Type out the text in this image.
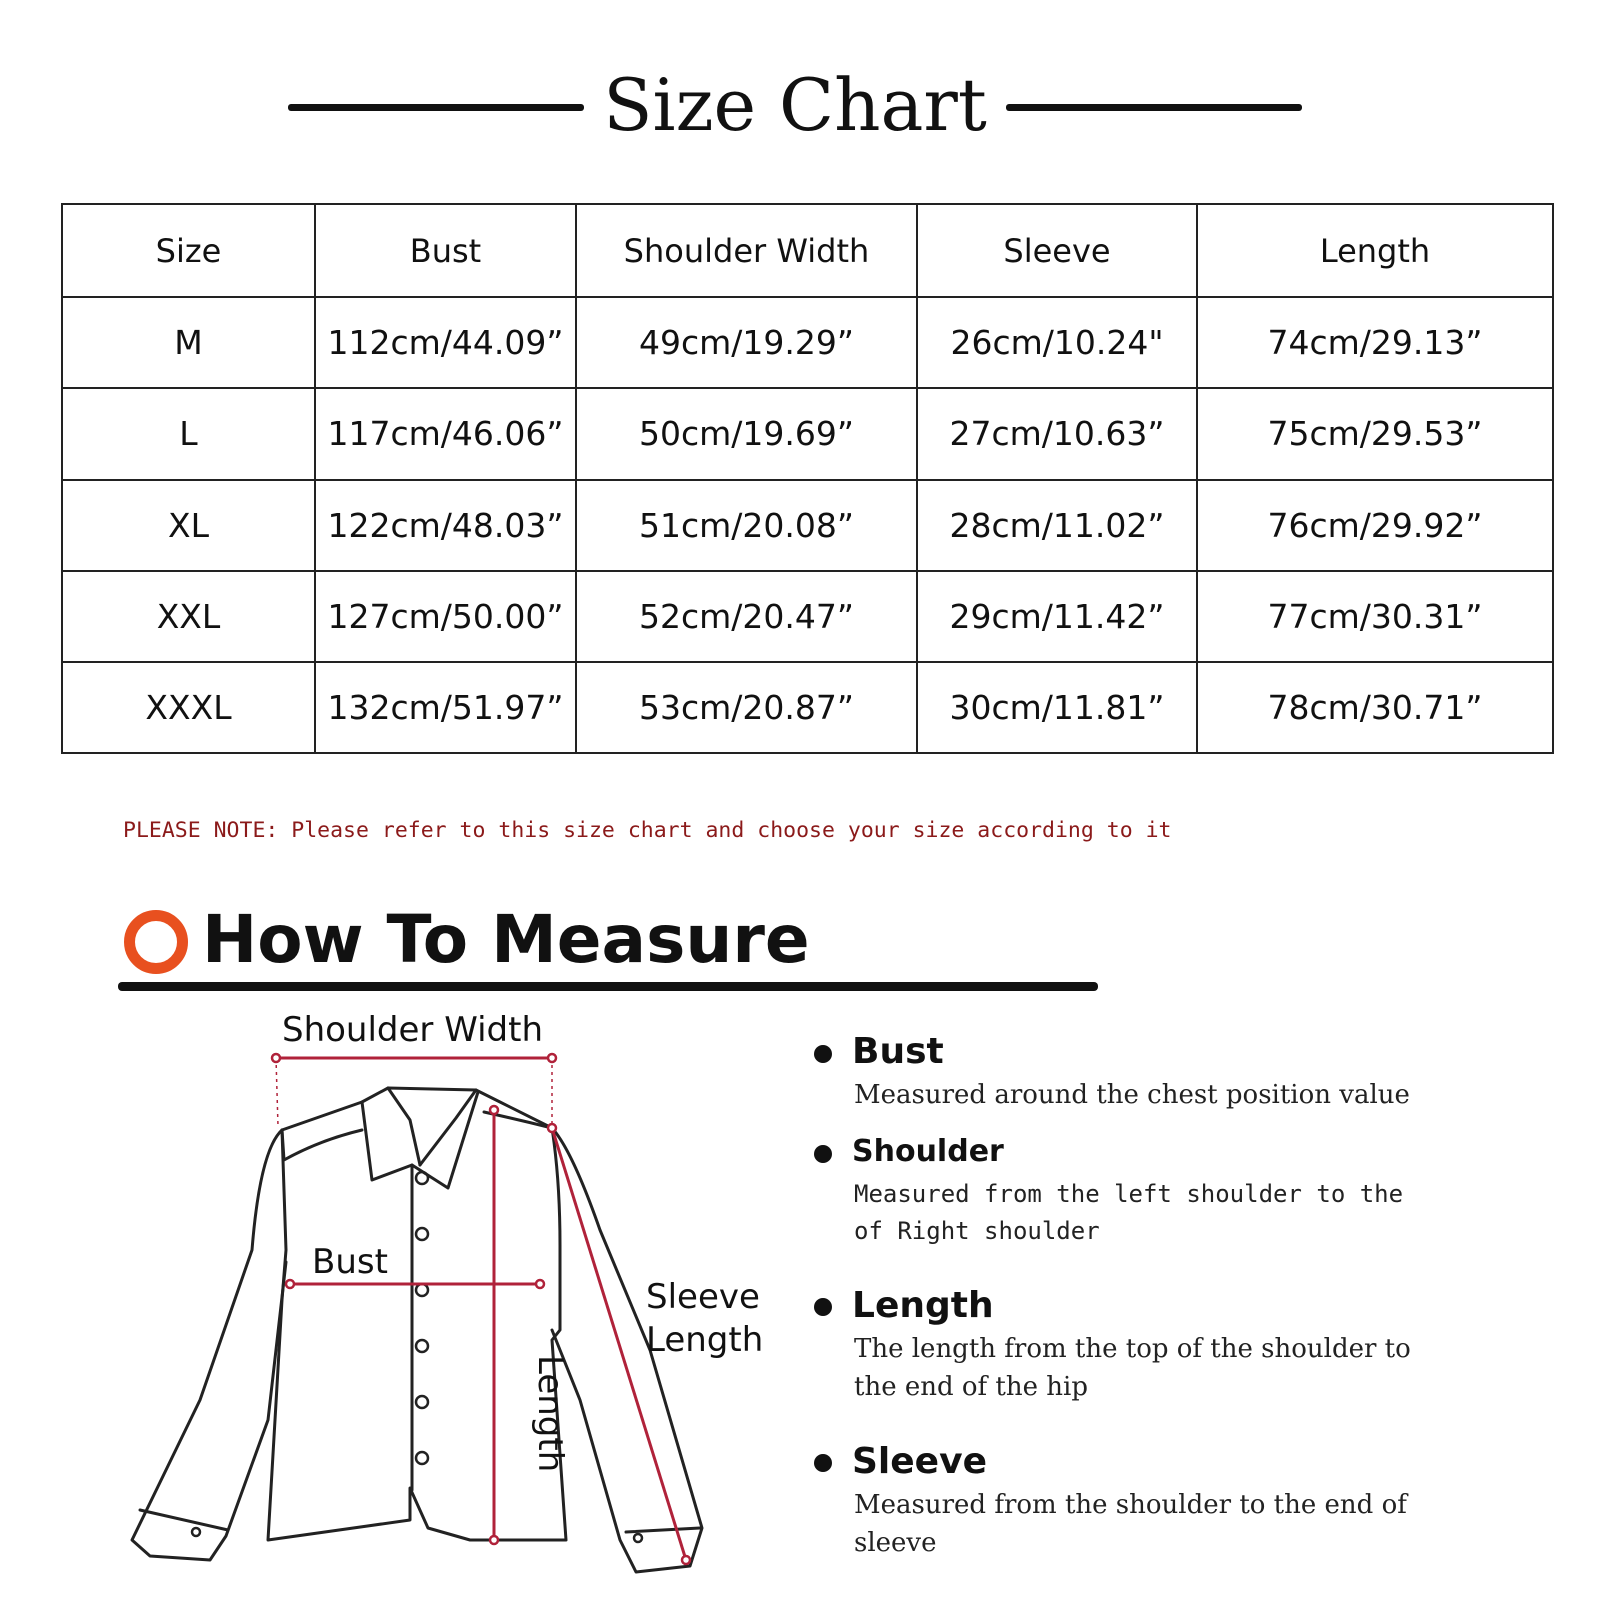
Size Chart
Size	Bust	Shoulder Width	Sleeve	Length
M	112cm/44.09”	49cm/19.29”	26cm/10.24"	74cm/29.13”
L	117cm/46.06”	50cm/19.69”	27cm/10.63”	75cm/29.53”
XL	122cm/48.03”	51cm/20.08”	28cm/11.02”	76cm/29.92”
XXL	127cm/50.00”	52cm/20.47”	29cm/11.42”	77cm/30.31”
XXXL	132cm/51.97”	53cm/20.87”	30cm/11.81”	78cm/30.71”
PLEASE NOTE: Please refer to this size chart and choose your size according to it
How To Measure
Shoulder Width
Bust
Sleeve
Length
Length
Bust
Measured around the chest position value
Shoulder
Measured from the left shoulder to the of Right shoulder
Length
The length from the top of the shoulder to the end of the hip
Sleeve
Measured from the shoulder to the end of sleeve
